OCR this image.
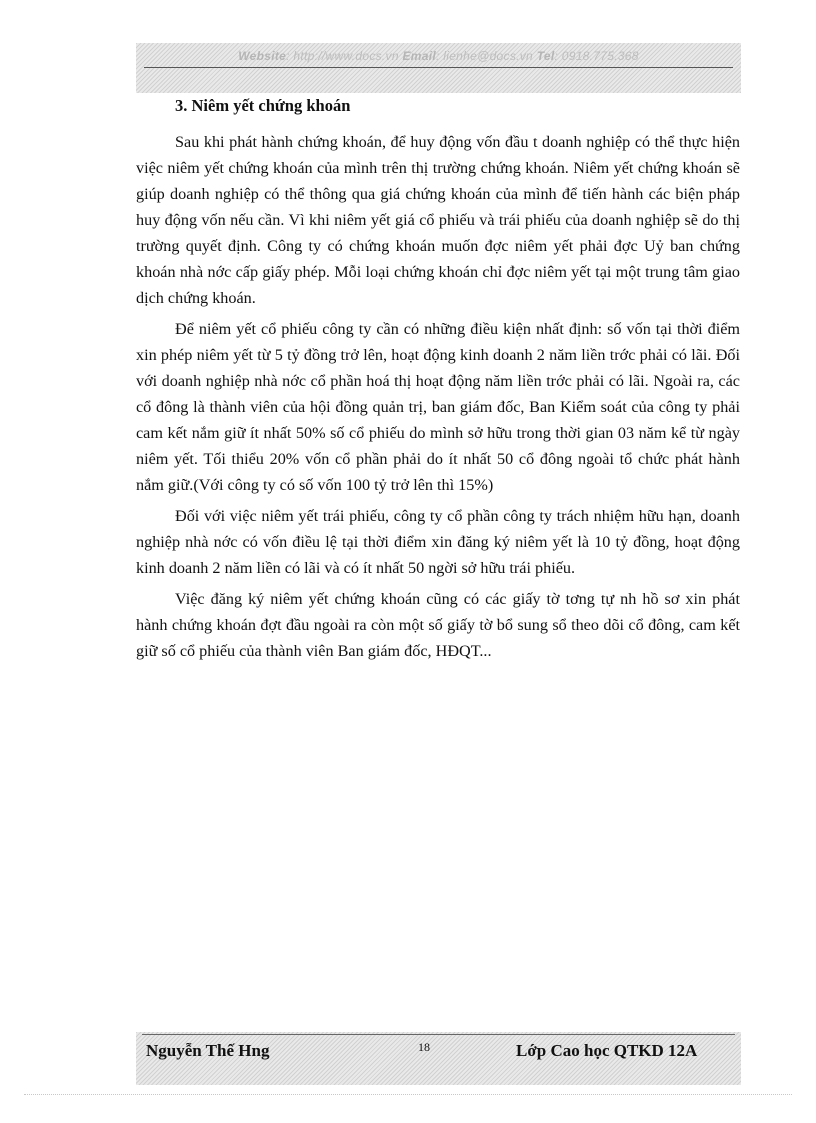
Website: http://www.docs.vn Email: lienhe@docs.vn Tel: 0918.775.368
3. Niêm yết chứng khoán

Sau khi phát hành chứng khoán, để huy động vốn đầu t doanh nghiệp có thể thực hiện việc niêm yết chứng khoán của mình trên thị trường chứng khoán. Niêm yết chứng khoán sẽ giúp doanh nghiệp có thể thông qua giá chứng khoán của mình để tiến hành các biện pháp huy động vốn nếu cần. Vì khi niêm yết giá cổ phiếu và trái phiếu của doanh nghiệp sẽ do thị trường quyết định. Công ty có chứng khoán muốn đợc niêm yết phải đợc Uỷ ban chứng khoán nhà nớc cấp giấy phép. Mỗi loại chứng khoán chỉ đợc niêm yết tại một trung tâm giao dịch chứng khoán.

Để niêm yết cổ phiếu công ty cần có những điều kiện nhất định: số vốn tại thời điểm xin phép niêm yết từ 5 tỷ đồng trở lên, hoạt động kinh doanh 2 năm liền trớc phải có lãi. Đối với doanh nghiệp nhà nớc cổ phần hoá thị hoạt động năm liền trớc phải có lãi. Ngoài ra, các cổ đông là thành viên của hội đồng quản trị, ban giám đốc, Ban Kiểm soát của công ty phải cam kết nắm giữ ít nhất 50% số cổ phiếu do mình sở hữu trong thời gian 03 năm kể từ ngày niêm yết. Tối thiểu 20% vốn cổ phần phải do ít nhất 50 cổ đông ngoài tổ chức phát hành nắm giữ.(Với công ty có số vốn 100 tỷ trở lên thì 15%)

Đối với việc niêm yết trái phiếu, công ty cổ phần công ty trách nhiệm hữu hạn, doanh nghiệp nhà nớc có vốn điều lệ tại thời điểm xin đăng ký niêm yết là 10 tỷ đồng, hoạt động kinh doanh 2 năm liền có lãi và có ít nhất 50 ngời sở hữu trái phiếu.

Việc đăng ký niêm yết chứng khoán cũng có các giấy tờ tơng tự nh hồ sơ xin phát hành chứng khoán đợt đầu ngoài ra còn một số giấy tờ bổ sung sổ theo dõi cổ đông, cam kết giữ số cổ phiếu của thành viên Ban giám đốc, HĐQT...

Nguyễn Thế Hng	18	Lớp Cao học QTKD 12A
